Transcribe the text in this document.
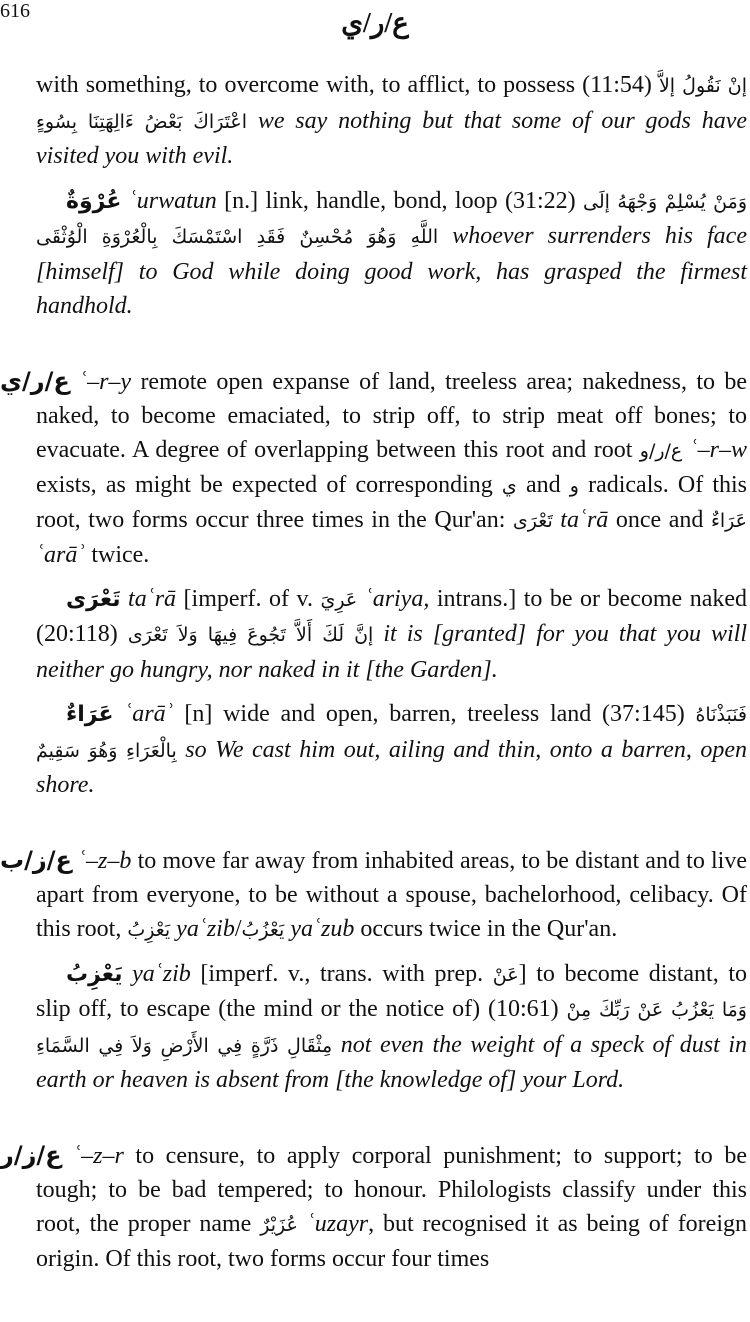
616	ع/ر/ي

with something, to overcome with, to afflict, to possess (11:54) إنْ نَقُولُ إلاَّ اعْتَرَاكَ بَعْضُ ءَالِهَتِنَا بِسُوءٍ we say nothing but that some of our gods have visited you with evil.

عُرْوَةٌ ʿurwatun [n.] link, handle, bond, loop (31:22) وَمَنْ يُسْلِمْ وَجْهَهُ إلَى اللَّهِ وَهُوَ مُحْسِنٌ فَقَدِ اسْتَمْسَكَ بِالْعُرْوَةِ الْوُثْقَى whoever surrenders his face [himself] to God while doing good work, has grasped the firmest handhold.

ع/ر/ي ʿ–r–y remote open expanse of land, treeless area; nakedness, to be naked, to become emaciated, to strip off, to strip meat off bones; to evacuate. A degree of overlapping between this root and root ع/ر/و ʿ–r–w exists, as might be expected of corresponding ي and و radicals. Of this root, two forms occur three times in the Qur'an: تَعْرَى taʿrā once and عَرَاءٌ ʿarāʾ twice.

تَعْرَى taʿrā [imperf. of v. عَرِيَ ʿariya, intrans.] to be or become naked (20:118) إنَّ لَكَ أَلاَّ تَجُوعَ فِيهَا وَلاَ تَعْرَى it is [granted] for you that you will neither go hungry, nor naked in it [the Garden].

عَرَاءٌ ʿarāʾ [n] wide and open, barren, treeless land (37:145) فَنَبَذْنَاهُ بِالْعَرَاءِ وَهُوَ سَقِيمٌ so We cast him out, ailing and thin, onto a barren, open shore.

ع/ز/ب ʿ–z–b to move far away from inhabited areas, to be distant and to live apart from everyone, to be without a spouse, bachelorhood, celibacy. Of this root, يَعْزِبُ yaʿzib/يَعْزُبُ yaʿzub occurs twice in the Qur'an.

يَعْزِبُ yaʿzib [imperf. v., trans. with prep. عَنْ] to become distant, to slip off, to escape (the mind or the notice of) (10:61) وَمَا يَعْزُبُ عَنْ رَبِّكَ مِنْ مِثْقَالِ ذَرَّةٍ فِي الأَرْضِ وَلاَ فِي السَّمَاءِ not even the weight of a speck of dust in earth or heaven is absent from [the knowledge of] your Lord.

ع/ز/ر ʿ–z–r to censure, to apply corporal punishment; to support; to be tough; to be bad tempered; to honour. Philologists classify under this root, the proper name عُزَيْرٌ ʿuzayr, but recognised it as being of foreign origin. Of this root, two forms occur four times
